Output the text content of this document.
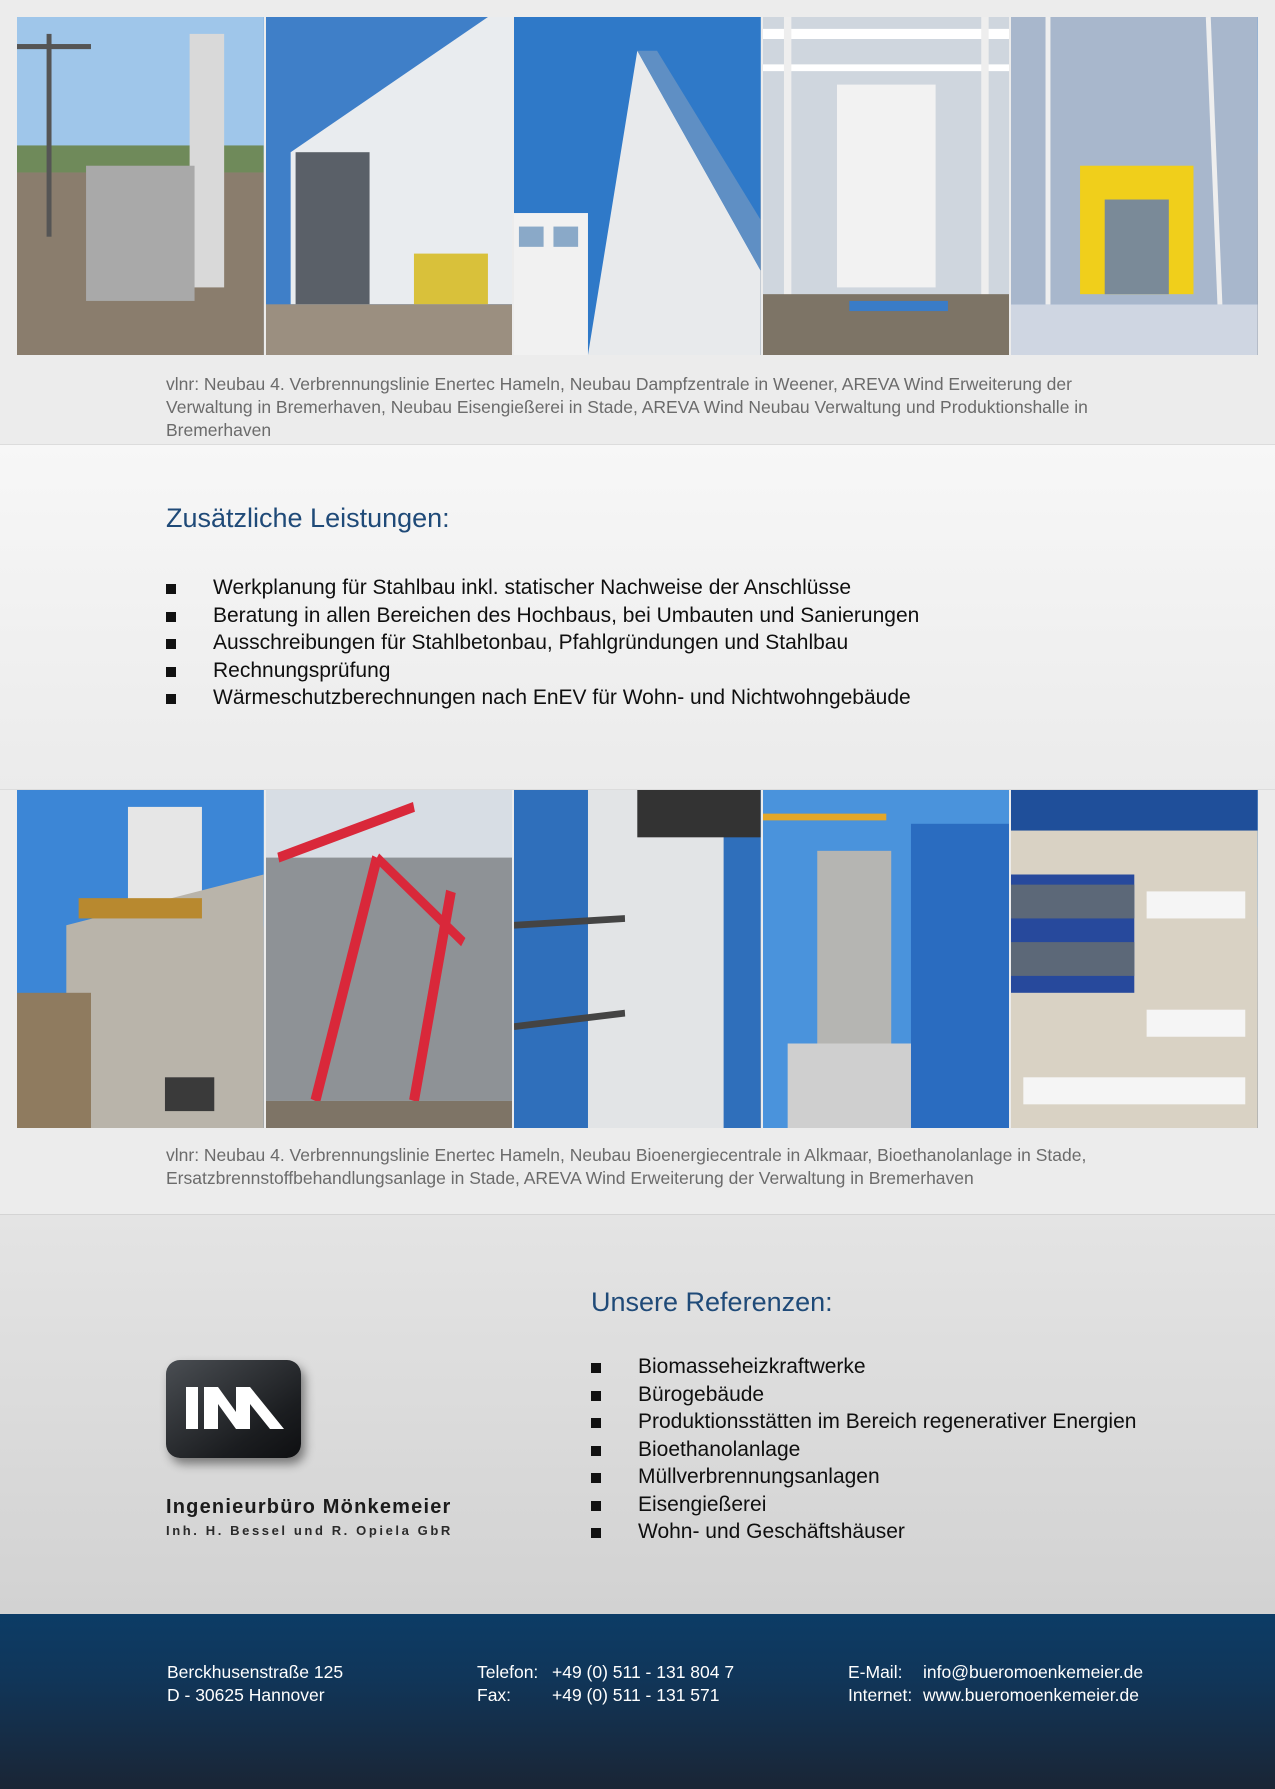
vlnr: Neubau 4. Verbrennungslinie Enertec Hameln, Neubau Dampfzentrale in Weener, AREVA Wind Erweiterung der Verwaltung in Bremerhaven, Neubau Eisengießerei in Stade, AREVA Wind Neubau Verwaltung und Produktionshalle in Bremerhaven

Zusätzliche Leistungen:
Werkplanung für Stahlbau inkl. statischer Nachweise der Anschlüsse
Beratung in allen Bereichen des Hochbaus, bei Umbauten und Sanierungen
Ausschreibungen für Stahlbetonbau, Pfahlgründungen und Stahlbau
Rechnungsprüfung
Wärmeschutzberechnungen nach EnEV für Wohn- und Nichtwohngebäude

vlnr: Neubau 4. Verbrennungslinie Enertec Hameln, Neubau Bioenergiecentrale in Alkmaar, Bioethanolanlage in Stade, Ersatzbrennstoffbehandlungsanlage in Stade, AREVA Wind Erweiterung der Verwaltung in Bremerhaven

Unsere Referenzen:
Biomasseheizkraftwerke
Bürogebäude
Produktionsstätten im Bereich regenerativer Energien
Bioethanolanlage
Müllverbrennungsanlagen
Eisengießerei
Wohn- und Geschäftshäuser
Ingenieurbüro Mönkemeier
Inh. H. Bessel und R. Opiela GbR
Berckhusenstraße 125
D - 30625 Hannover
Telefon: +49 (0) 511 - 131 804 7
Fax:	+49 (0) 511 - 131 571
E-Mail:	info@bueromoenkemeier.de
Internet: www.bueromoenkemeier.de
